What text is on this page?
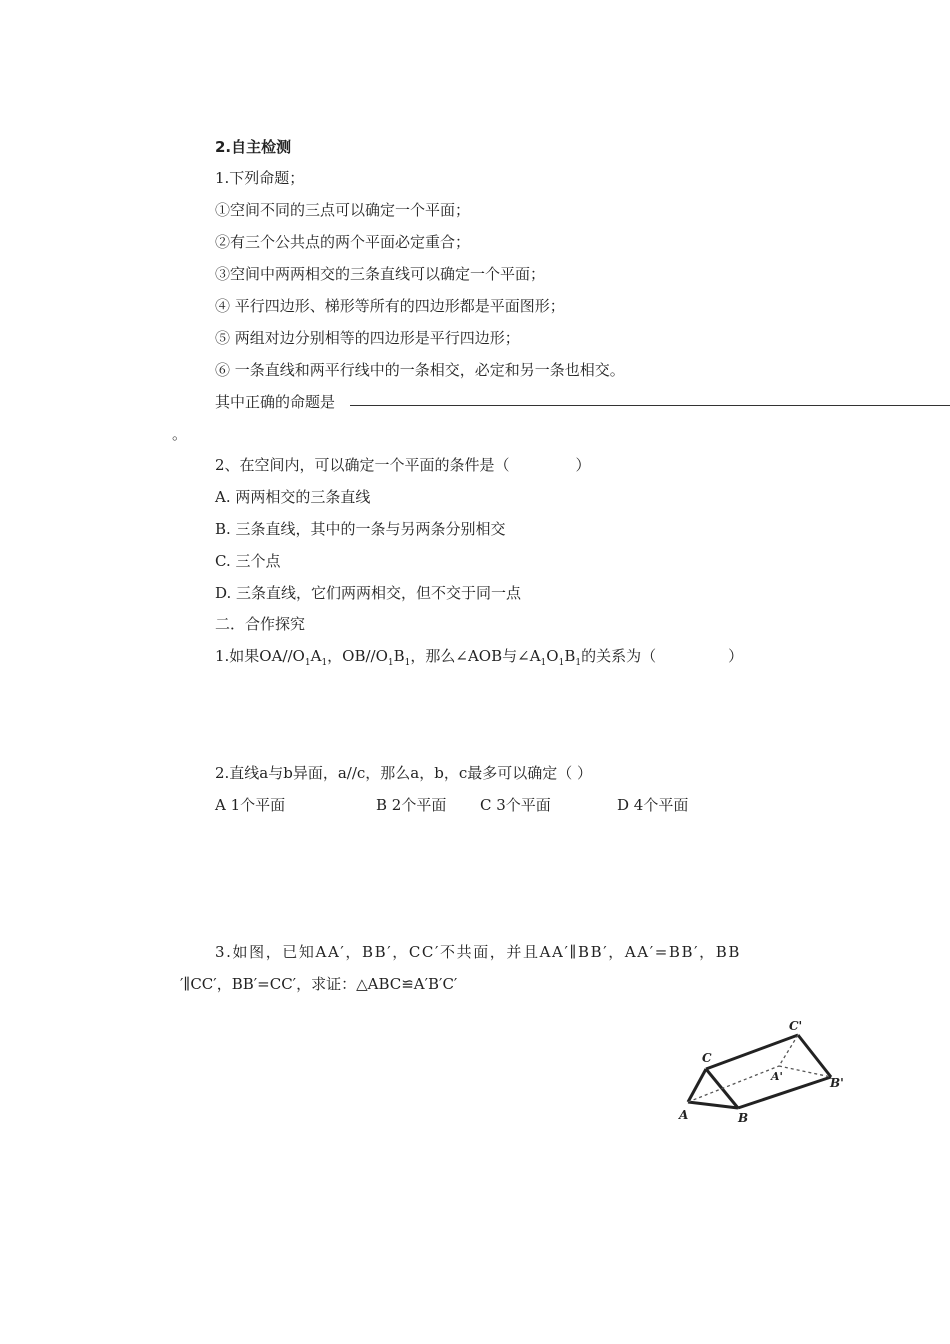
2.自主检测
1.下列命题；
①空间不同的三点可以确定一个平面；
②有三个公共点的两个平面必定重合；
③空间中两两相交的三条直线可以确定一个平面；
④ 平行四边形、梯形等所有的四边形都是平面图形；
⑤ 两组对边分别相等的四边形是平行四边形；
⑥ 一条直线和两平行线中的一条相交，必定和另一条也相交。
其中正确的命题是
。
2、在空间内，可以确定一个平面的条件是（	）
A. 两两相交的三条直线
B. 三条直线，其中的一条与另两条分别相交
C. 三个点
D. 三条直线，它们两两相交，但不交于同一点
二．合作探究
1.如果$OA//O_1A_1$，$OB//O_1B_1$，那么∠AOB与$\angle A_1O_1B_1$的关系为（	）
2.直线a与b异面，a//c，那么a，b，c最多可以确定（ ）
A 1个平面	B 2个平面 C 3个平面	D 4个平面
3.如图，已知AA′，BB′，CC′不共面，并且AA′∥BB′，AA′=BB′，BB
′∥CC′，BB′=CC′，求证：△ABC≌A′B′C′
C
A	B
C'
A'	B'
